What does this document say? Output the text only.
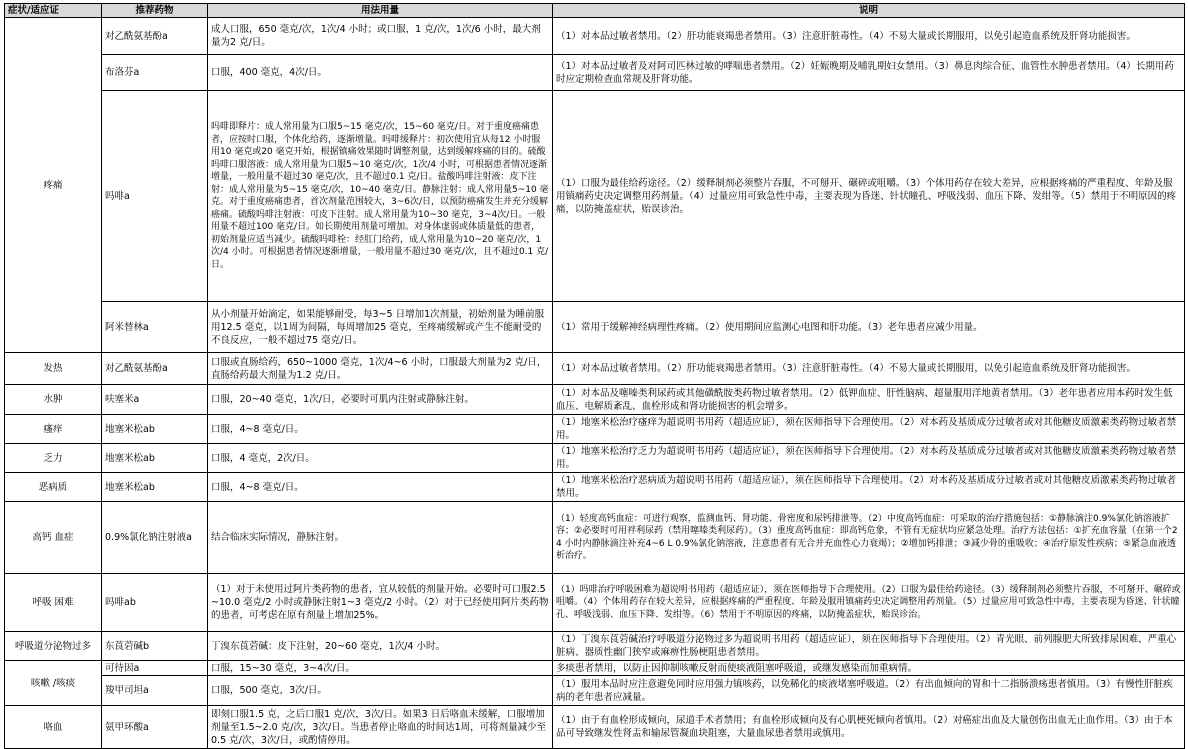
症状/适应证	推荐药物	用法用量	说明
疼痛	对乙酰氨基酚a	成人口服，650 毫克/次，1次/4 小时；或口服，1 克/次，1次/6 小时，最大剂量为2 克/日。	（1）对本品过敏者禁用。（2）肝功能衰竭患者禁用。（3）注意肝脏毒性。（4）不易大量或长期服用，以免引起造血系统及肝肾功能损害。
	布洛芬a	口服，400 毫克，4次/日。	（1）对本品过敏者及对阿司匹林过敏的哮喘患者禁用。（2）妊娠晚期及哺乳期妇女禁用。（3）鼻息肉综合征、血管性水肿患者禁用。（4）长期用药时应定期检查血常规及肝肾功能。
	吗啡a	吗啡即释片：成人常用量为口服5~15 毫克/次，15~60 毫克/日。对于重度癌痛患者，应按时口服，个体化给药，逐渐增量。吗啡缓释片：初次使用宜从每12 小时服用10 毫克或20 毫克开始，根据镇痛效果随时调整剂量，达到缓解疼痛的目的。硫酸吗啡口服溶液：成人常用量为口服5~10 毫克/次，1次/4 小时，可根据患者情况逐渐增量，一般用量不超过30 毫克/次，且不超过0.1 克/日。盐酸吗啡注射液：皮下注射：成人常用量为5~15 毫克/次，10~40 毫克/日。静脉注射：成人常用量5~10 毫克。对于重度癌痛患者，首次剂量范围较大，3~6次/日，以预防癌痛发生并充分缓解癌痛。硫酸吗啡注射液：可皮下注射。成人常用量为10~30 毫克，3~4次/日。一般用量不超过100 毫克/日。如长期使用剂量可增加。对身体虚弱或体质量低的患者，初始剂量应适当减少。硫酸吗啡栓：经肛门给药，成人常用量为10~20 毫克/次，1次/4 小时。可根据患者情况逐渐增量，一般用量不超过30 毫克/次，且不超过0.1 克/日。	（1）口服为最佳给药途径。（2）缓释制剂必须整片吞服，不可掰开、碾碎或咀嚼。（3）个体用药存在较大差异，应根据疼痛的严重程度、年龄及服用镇痛药史决定调整用药剂量。（4）过量应用可致急性中毒，主要表现为昏迷、针状瞳孔、呼吸浅弱、血压下降、发绀等。（5）禁用于不明原因的疼痛，以防掩盖症状，贻误诊治。
	阿米替林a	从小剂量开始滴定，如果能够耐受，每3~5 日增加1次剂量，初始剂量为睡前服用12.5 毫克，以1周为间隔，每周增加25 毫克，至疼痛缓解或产生不能耐受的不良反应，一般不超过75 毫克/日。	（1）常用于缓解神经病理性疼痛。（2）使用期间应监测心电图和肝功能。（3）老年患者应减少用量。
发热	对乙酰氨基酚a	口服或直肠给药，650~1000 毫克，1次/4~6 小时，口服最大剂量为2 克/日，直肠给药最大剂量为1.2 克/日。	（1）对本品过敏者禁用。（2）肝功能衰竭患者禁用。（3）注意肝脏毒性。（4）不易大量或长期服用，以免引起造血系统及肝肾功能损害。
水肿	呋塞米a	口服，20~40 毫克，1次/日，必要时可肌内注射或静脉注射。	（1）对本品及噻嗪类利尿药或其他磺酰胺类药物过敏者禁用。（2）低钾血症、肝性脑病、超量服用洋地黄者禁用。（3）老年患者应用本药时发生低血压、电解质紊乱、血栓形成和肾功能损害的机会增多。
瘙痒	地塞米松ab	口服，4~8 毫克/日。	（1）地塞米松治疗瘙痒为超说明书用药（超适应证），须在医师指导下合理使用。（2）对本药及基质成分过敏者或对其他糖皮质激素类药物过敏者禁用。
乏力	地塞米松ab	口服，4 毫克，2次/日。	（1）地塞米松治疗乏力为超说明书用药（超适应证），须在医师指导下合理使用。（2）对本药及基质成分过敏者或对其他糖皮质激素类药物过敏者禁用。
恶病质	地塞米松ab	口服，4~8 毫克/日。	（1）地塞米松治疗恶病质为超说明书用药（超适应证），须在医师指导下合理使用。（2）对本药及基质成分过敏者或对其他糖皮质激素类药物过敏者禁用。
高钙 血症	0.9%氯化钠注射液a	结合临床实际情况，静脉注射。	（1）轻度高钙血症：可进行观察，监测血钙、肾功能、骨密度和尿钙排泄等。（2）中度高钙血症：可采取的治疗措施包括：①静脉滴注0.9%氯化钠溶液扩容；②必要时可用袢利尿药（禁用噻嗪类利尿药）。（3）重度高钙血症：即高钙危象，不管有无症状均应紧急处理。治疗方法包括：①扩充血容量（在第一个24 小时内静脉滴注补充4~6 L 0.9%氯化钠溶液，注意患者有无合并充血性心力衰竭）；②增加钙排泄；③减少骨的重吸收；④治疗原发性疾病；⑤紧急血液透析治疗。
呼吸 困难	吗啡ab	（1）对于未使用过阿片类药物的患者，宜从较低的剂量开始。必要时可口服2.5~10.0 毫克/2 小时或静脉注射1~3 毫克/2 小时。（2）对于已经使用阿片类药物的患者，可考虑在原有剂量上增加25%。	（1）吗啡治疗呼吸困难为超说明书用药（超适应证），须在医师指导下合理使用。（2）口服为最佳给药途径。（3）缓释制剂必须整片吞服，不可掰开、碾碎或咀嚼。（4）个体用药存在较大差异，应根据疼痛的严重程度、年龄及服用镇痛药史决定调整用药剂量。（5）过量应用可致急性中毒，主要表现为昏迷、针状瞳孔、呼吸浅弱、血压下降、发绀等。（6）禁用于不明原因的疼痛，以防掩盖症状，贻误诊治。
呼吸道分泌物过多	东莨菪碱b	丁溴东莨菪碱：皮下注射，20~60 毫克，1次/4 小时。	（1）丁溴东莨菪碱治疗呼吸道分泌物过多为超说明书用药（超适应证），须在医师指导下合理使用。（2）青光眼、前列腺肥大所致排尿困难、严重心脏病、器质性幽门狭窄或麻痹性肠梗阻患者禁用。
咳嗽 /咳痰	可待因a	口服，15~30 毫克，3~4次/日。	多痰患者禁用，以防止因抑制咳嗽反射而使痰液阻塞呼吸道，或继发感染而加重病情。
	羧甲司坦a	口服，500 毫克，3次/日。	（1）服用本品时应注意避免同时应用强力镇咳药，以免稀化的痰液堵塞呼吸道。（2）有出血倾向的胃和十二指肠溃疡患者慎用。（3）有慢性肝脏疾病的老年患者应减量。
咯血	氨甲环酸a	即刻口服1.5 克，之后口服1 克/次，3次/日。如果3 日后咯血未缓解，口服增加剂量至1.5~2.0 克/次，3次/日。当患者停止咯血的时间达1周，可将剂量减少至0.5 克/次，3次/日，或酌情停用。	（1）由于有血栓形成倾向，尿道手术者禁用；有血栓形成倾向及有心肌梗死倾向者慎用。（2）对癌症出血及大量创伤出血无止血作用。（3）由于本品可导致继发性肾盂和输尿管凝血块阻塞，大量血尿患者禁用或慎用。
